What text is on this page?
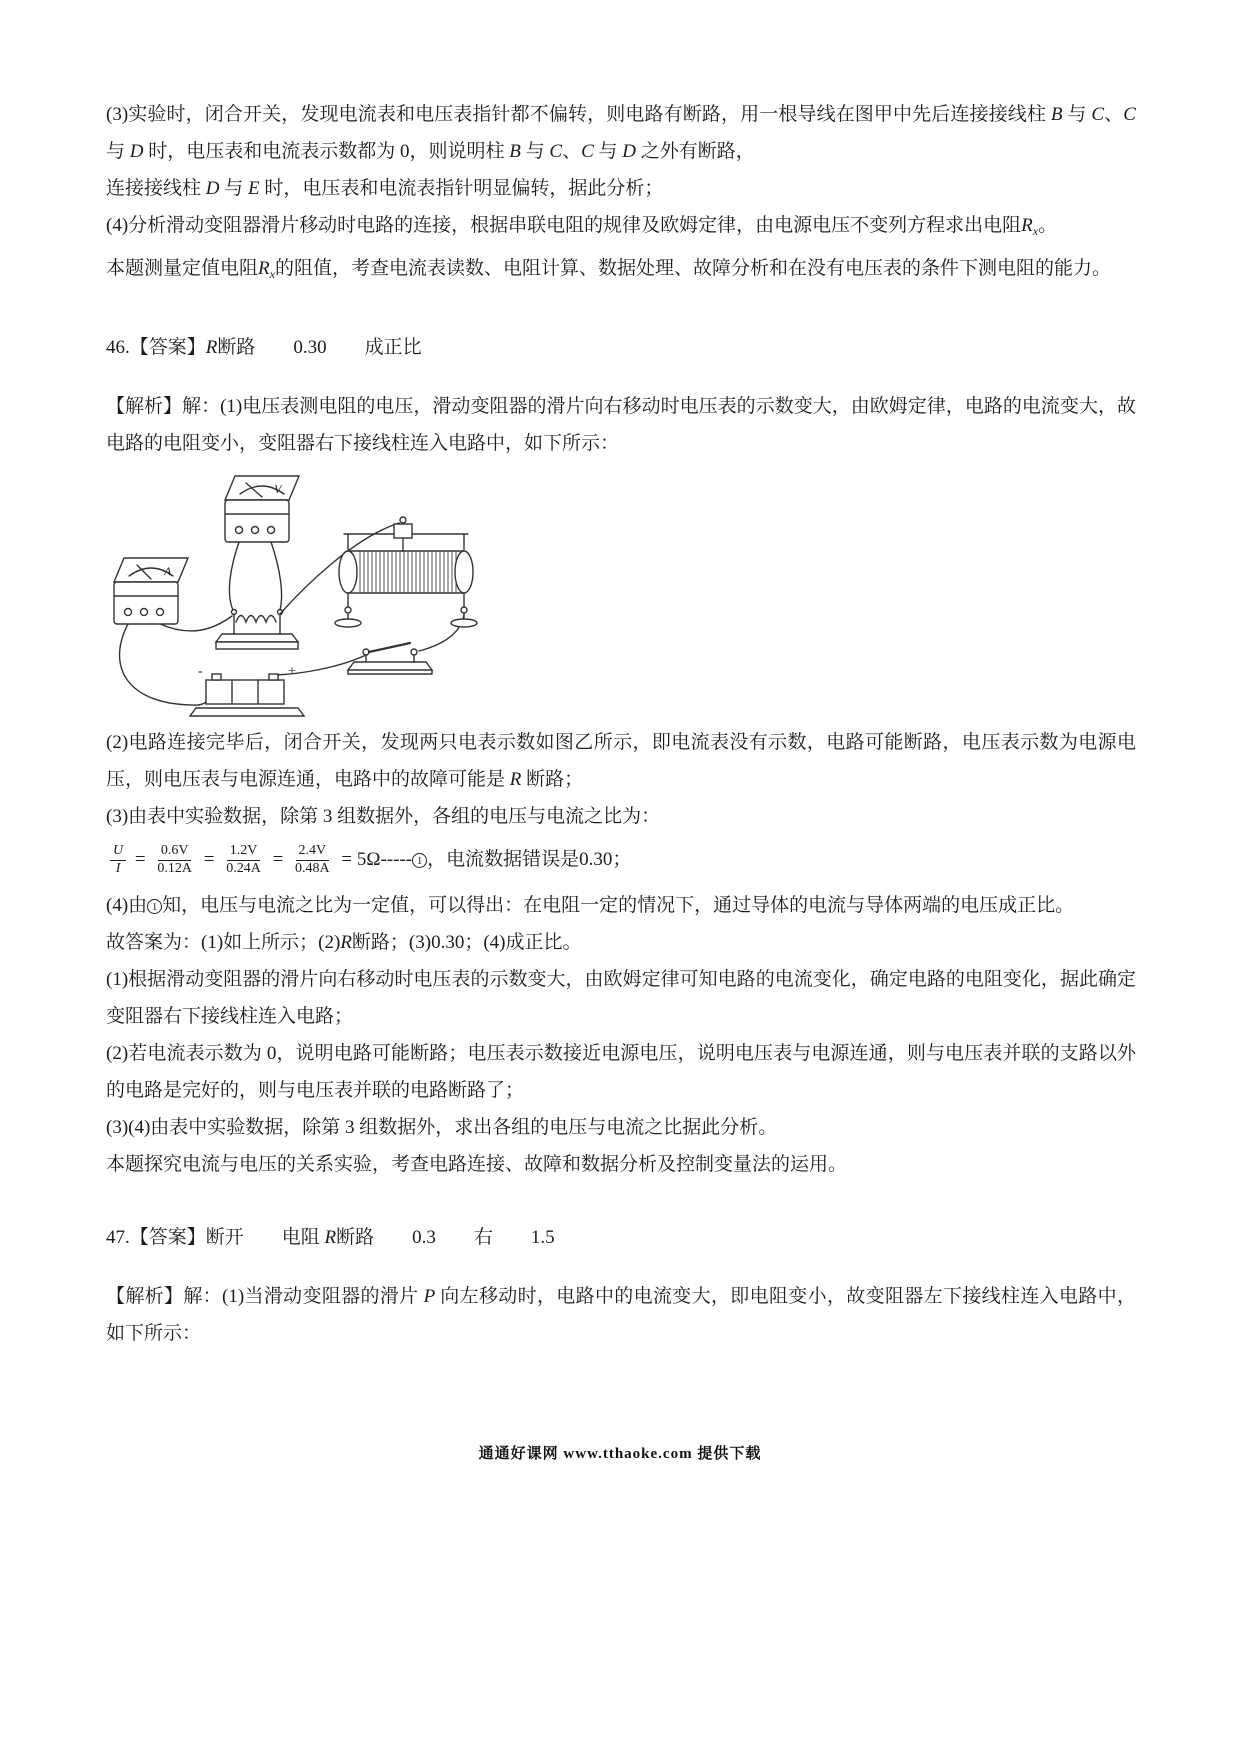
(3)实验时，闭合开关，发现电流表和电压表指针都不偏转，则电路有断路，用一根导线在图甲中先后连接接线柱 B 与 C、C 与 D 时，电压表和电流表示数都为 0，则说明柱 B 与 C、C 与 D 之外有断路，

连接接线柱 D 与 E 时，电压表和电流表指针明显偏转，据此分析；

(4)分析滑动变阻器滑片移动时电路的连接，根据串联电阻的规律及欧姆定律，由电源电压不变列方程求出电阻$R_x$。

本题测量定值电阻$R_x$的阻值，考查电流表读数、电阻计算、数据处理、故障分析和在没有电压表的条件下测电阻的能力。

46.【答案】R断路　　0.30　　成正比

【解析】解：(1)电压表测电阻的电压，滑动变阻器的滑片向右移动时电压表的示数变大，由欧姆定律，电路的电流变大，故电路的电阻变小，变阻器右下接线柱连入电路中，如下所示：

V
A
-	+

(2)电路连接完毕后，闭合开关，发现两只电表示数如图乙所示，即电流表没有示数，电路可能断路，电压表示数为电源电压，则电压表与电源连通，电路中的故障可能是 R 断路；

(3)由表中实验数据，除第 3 组数据外，各组的电压与电流之比为：

$\frac{U}{I} = \frac{0.6V}{0.12A} = \frac{1.2V}{0.24A} = \frac{2.4V}{0.48A} = 5\Omega-----$ 1 ，电流数据错误是0.30；

(4)由 1 知，电压与电流之比为一定值，可以得出：在电阻一定的情况下，通过导体的电流与导体两端的电压成正比。

故答案为：(1)如上所示；(2)R断路；(3)0.30；(4)成正比。

(1)根据滑动变阻器的滑片向右移动时电压表的示数变大，由欧姆定律可知电路的电流变化，确定电路的电阻变化，据此确定变阻器右下接线柱连入电路；

(2)若电流表示数为 0，说明电路可能断路；电压表示数接近电源电压，说明电压表与电源连通，则与电压表并联的支路以外的电路是完好的，则与电压表并联的电路断路了；

(3)(4)由表中实验数据，除第 3 组数据外，求出各组的电压与电流之比据此分析。

本题探究电流与电压的关系实验，考查电路连接、故障和数据分析及控制变量法的运用。

47.【答案】断开　　电阻 R断路　　0.3　　右　　1.5

【解析】解：(1)当滑动变阻器的滑片 P 向左移动时，电路中的电流变大，即电阻变小，故变阻器左下接线柱连入电路中，如下所示：

通通好课网 www.tthaoke.com 提供下载
